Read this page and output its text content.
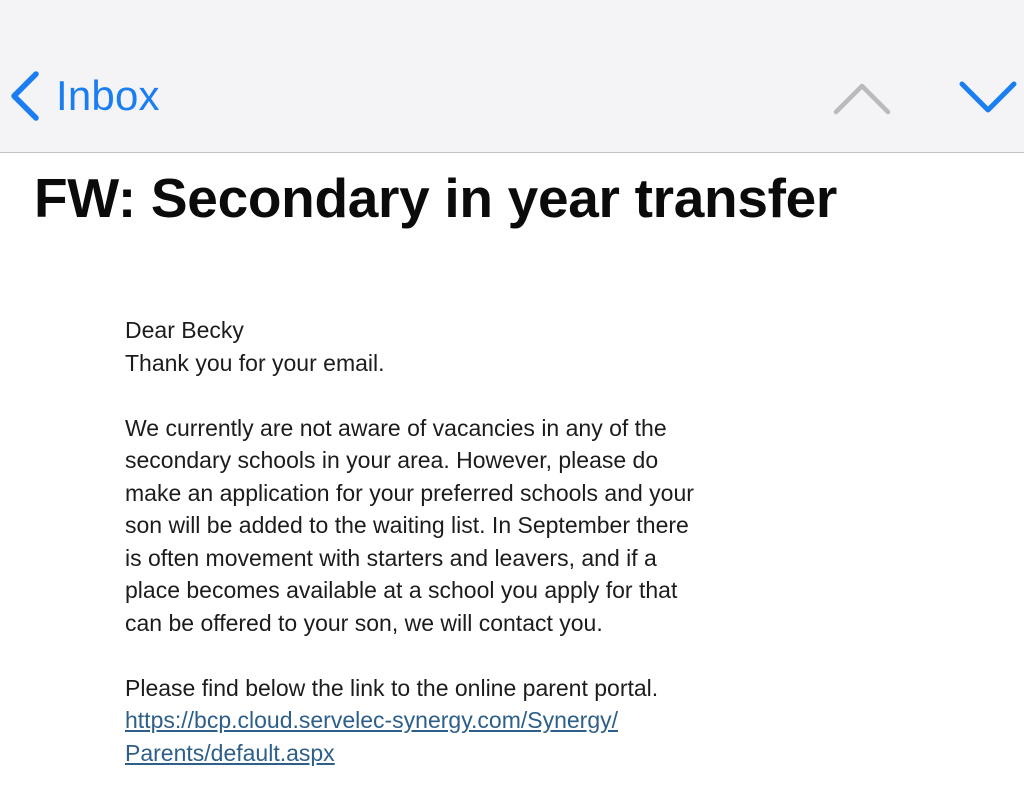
Inbox
FW: Secondary in year transfer

Dear Becky

Thank you for your email.

We currently are not aware of vacancies in any of the

secondary schools in your area. However, please do

make an application for your preferred schools and your

son will be added to the waiting list. In September there

is often movement with starters and leavers, and if a

place becomes available at a school you apply for that

can be offered to your son, we will contact you.

Please find below the link to the online parent portal.

https://bcp.cloud.servelec-synergy.com/Synergy/

Parents/default.aspx
